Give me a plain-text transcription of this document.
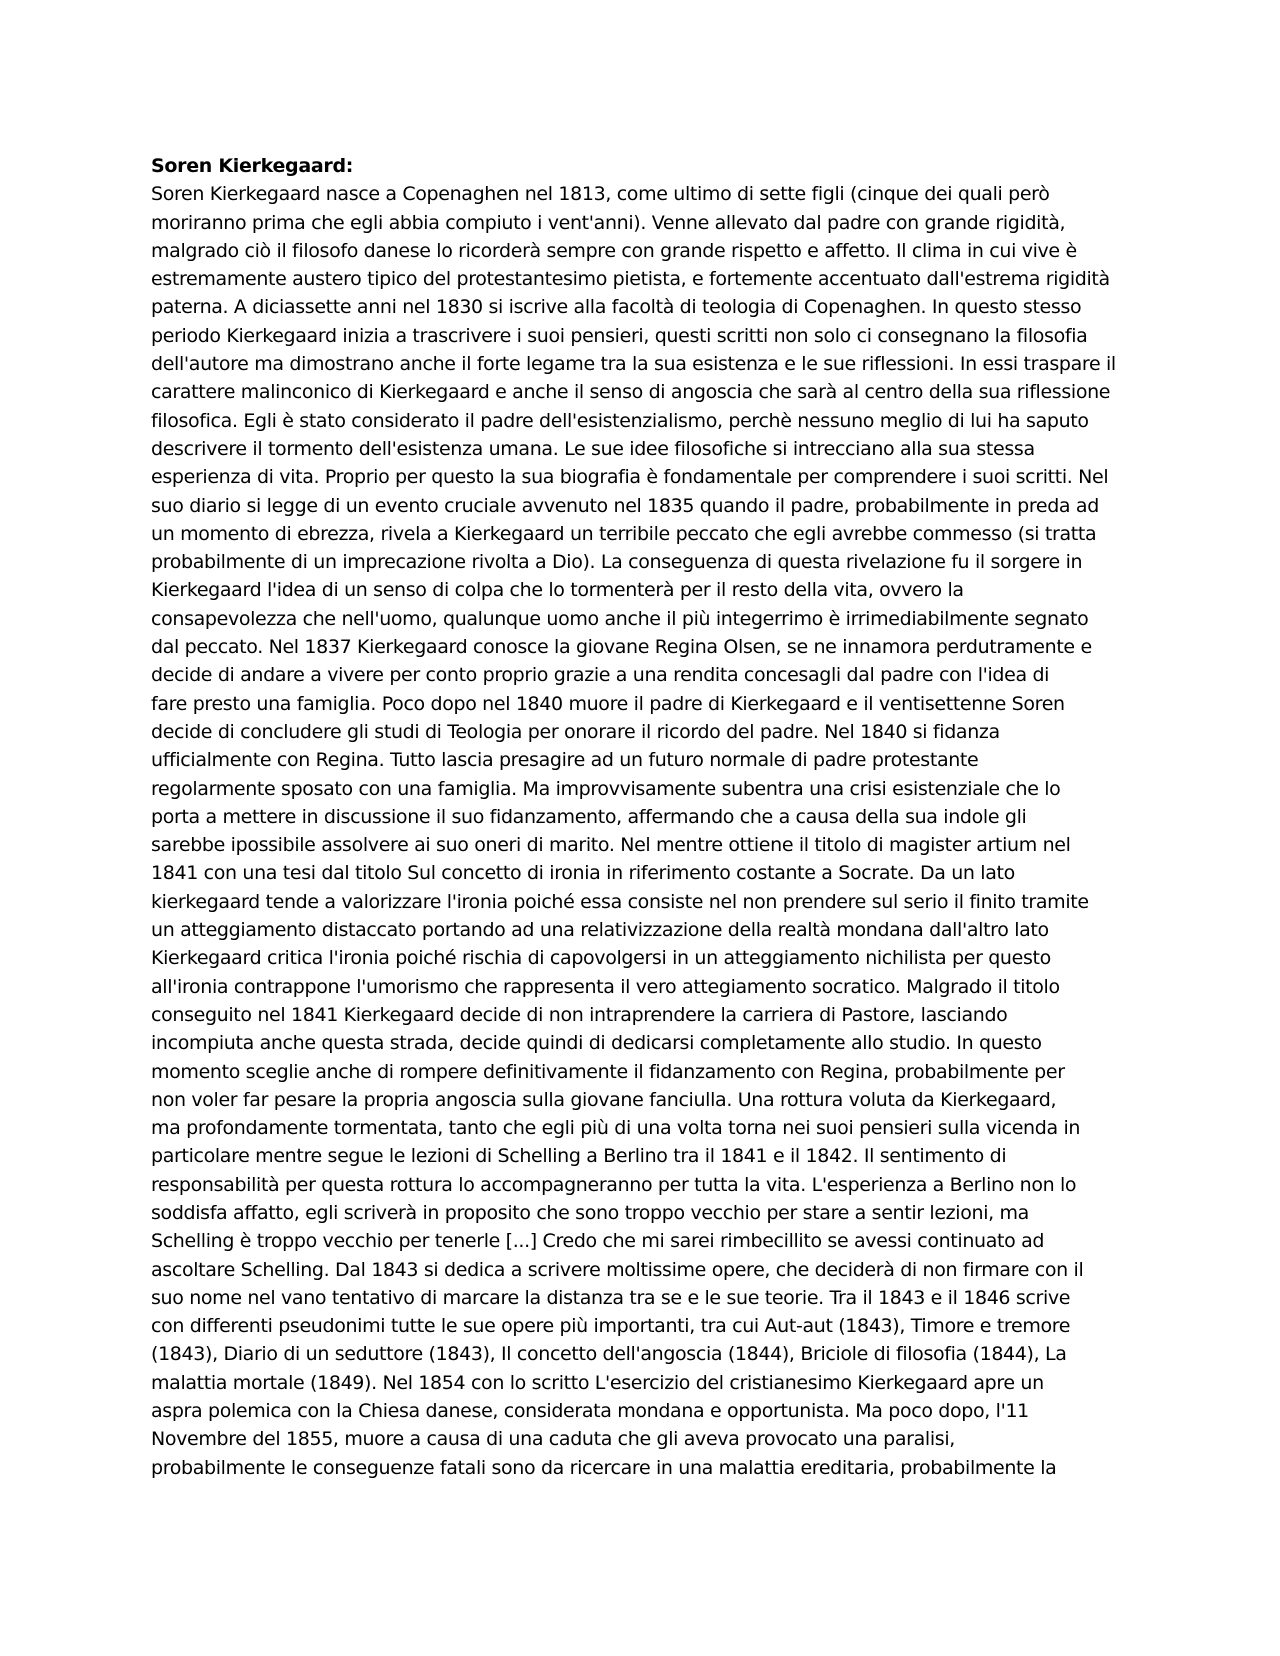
Soren Kierkegaard:
Soren Kierkegaard nasce a Copenaghen nel 1813, come ultimo di sette figli (cinque dei quali però
moriranno prima che egli abbia compiuto i vent'anni). Venne allevato dal padre con grande rigidità,
malgrado ciò il filosofo danese lo ricorderà sempre con grande rispetto e affetto. Il clima in cui vive è
estremamente austero tipico del protestantesimo pietista, e fortemente accentuato dall'estrema rigidità
paterna. A diciassette anni nel 1830 si iscrive alla facoltà di teologia di Copenaghen. In questo stesso
periodo Kierkegaard inizia a trascrivere i suoi pensieri, questi scritti non solo ci consegnano la filosofia
dell'autore ma dimostrano anche il forte legame tra la sua esistenza e le sue riflessioni. In essi traspare il
carattere malinconico di Kierkegaard e anche il senso di angoscia che sarà al centro della sua riflessione
filosofica. Egli è stato considerato il padre dell'esistenzialismo, perchè nessuno meglio di lui ha saputo
descrivere il tormento dell'esistenza umana. Le sue idee filosofiche si intrecciano alla sua stessa
esperienza di vita. Proprio per questo la sua biografia è fondamentale per comprendere i suoi scritti. Nel
suo diario si legge di un evento cruciale avvenuto nel 1835 quando il padre, probabilmente in preda ad
un momento di ebrezza, rivela a Kierkegaard un terribile peccato che egli avrebbe commesso (si tratta
probabilmente di un imprecazione rivolta a Dio). La conseguenza di questa rivelazione fu il sorgere in
Kierkegaard l'idea di un senso di colpa che lo tormenterà per il resto della vita, ovvero la
consapevolezza che nell'uomo, qualunque uomo anche il più integerrimo è irrimediabilmente segnato
dal peccato. Nel 1837 Kierkegaard conosce la giovane Regina Olsen, se ne innamora perdutramente e
decide di andare a vivere per conto proprio grazie a una rendita concesagli dal padre con l'idea di
fare presto una famiglia. Poco dopo nel 1840 muore il padre di Kierkegaard e il ventisettenne Soren
decide di concludere gli studi di Teologia per onorare il ricordo del padre. Nel 1840 si fidanza
ufficialmente con Regina. Tutto lascia presagire ad un futuro normale di padre protestante
regolarmente sposato con una famiglia. Ma improvvisamente subentra una crisi esistenziale che lo
porta a mettere in discussione il suo fidanzamento, affermando che a causa della sua indole gli
sarebbe ipossibile assolvere ai suo oneri di marito. Nel mentre ottiene il titolo di magister artium nel
1841 con una tesi dal titolo Sul concetto di ironia in riferimento costante a Socrate. Da un lato
kierkegaard tende a valorizzare l'ironia poiché essa consiste nel non prendere sul serio il finito tramite
un atteggiamento distaccato portando ad una relativizzazione della realtà mondana dall'altro lato
Kierkegaard critica l'ironia poiché rischia di capovolgersi in un atteggiamento nichilista per questo
all'ironia contrappone l'umorismo che rappresenta il vero attegiamento socratico. Malgrado il titolo
conseguito nel 1841 Kierkegaard decide di non intraprendere la carriera di Pastore, lasciando
incompiuta anche questa strada, decide quindi di dedicarsi completamente allo studio. In questo
momento sceglie anche di rompere definitivamente il fidanzamento con Regina, probabilmente per
non voler far pesare la propria angoscia sulla giovane fanciulla. Una rottura voluta da Kierkegaard,
ma profondamente tormentata, tanto che egli più di una volta torna nei suoi pensieri sulla vicenda in
particolare mentre segue le lezioni di Schelling a Berlino tra il 1841 e il 1842. Il sentimento di
responsabilità per questa rottura lo accompagneranno per tutta la vita. L'esperienza a Berlino non lo
soddisfa affatto, egli scriverà in proposito che sono troppo vecchio per stare a sentir lezioni, ma
Schelling è troppo vecchio per tenerle [...] Credo che mi sarei rimbecillito se avessi continuato ad
ascoltare Schelling. Dal 1843 si dedica a scrivere moltissime opere, che deciderà di non firmare con il
suo nome nel vano tentativo di marcare la distanza tra se e le sue teorie. Tra il 1843 e il 1846 scrive
con differenti pseudonimi tutte le sue opere più importanti, tra cui Aut-aut (1843), Timore e tremore
(1843), Diario di un seduttore (1843), Il concetto dell'angoscia (1844), Briciole di filosofia (1844), La
malattia mortale (1849). Nel 1854 con lo scritto L'esercizio del cristianesimo Kierkegaard apre un
aspra polemica con la Chiesa danese, considerata mondana e opportunista. Ma poco dopo, l'11
Novembre del 1855, muore a causa di una caduta che gli aveva provocato una paralisi,
probabilmente le conseguenze fatali sono da ricercare in una malattia ereditaria, probabilmente la
